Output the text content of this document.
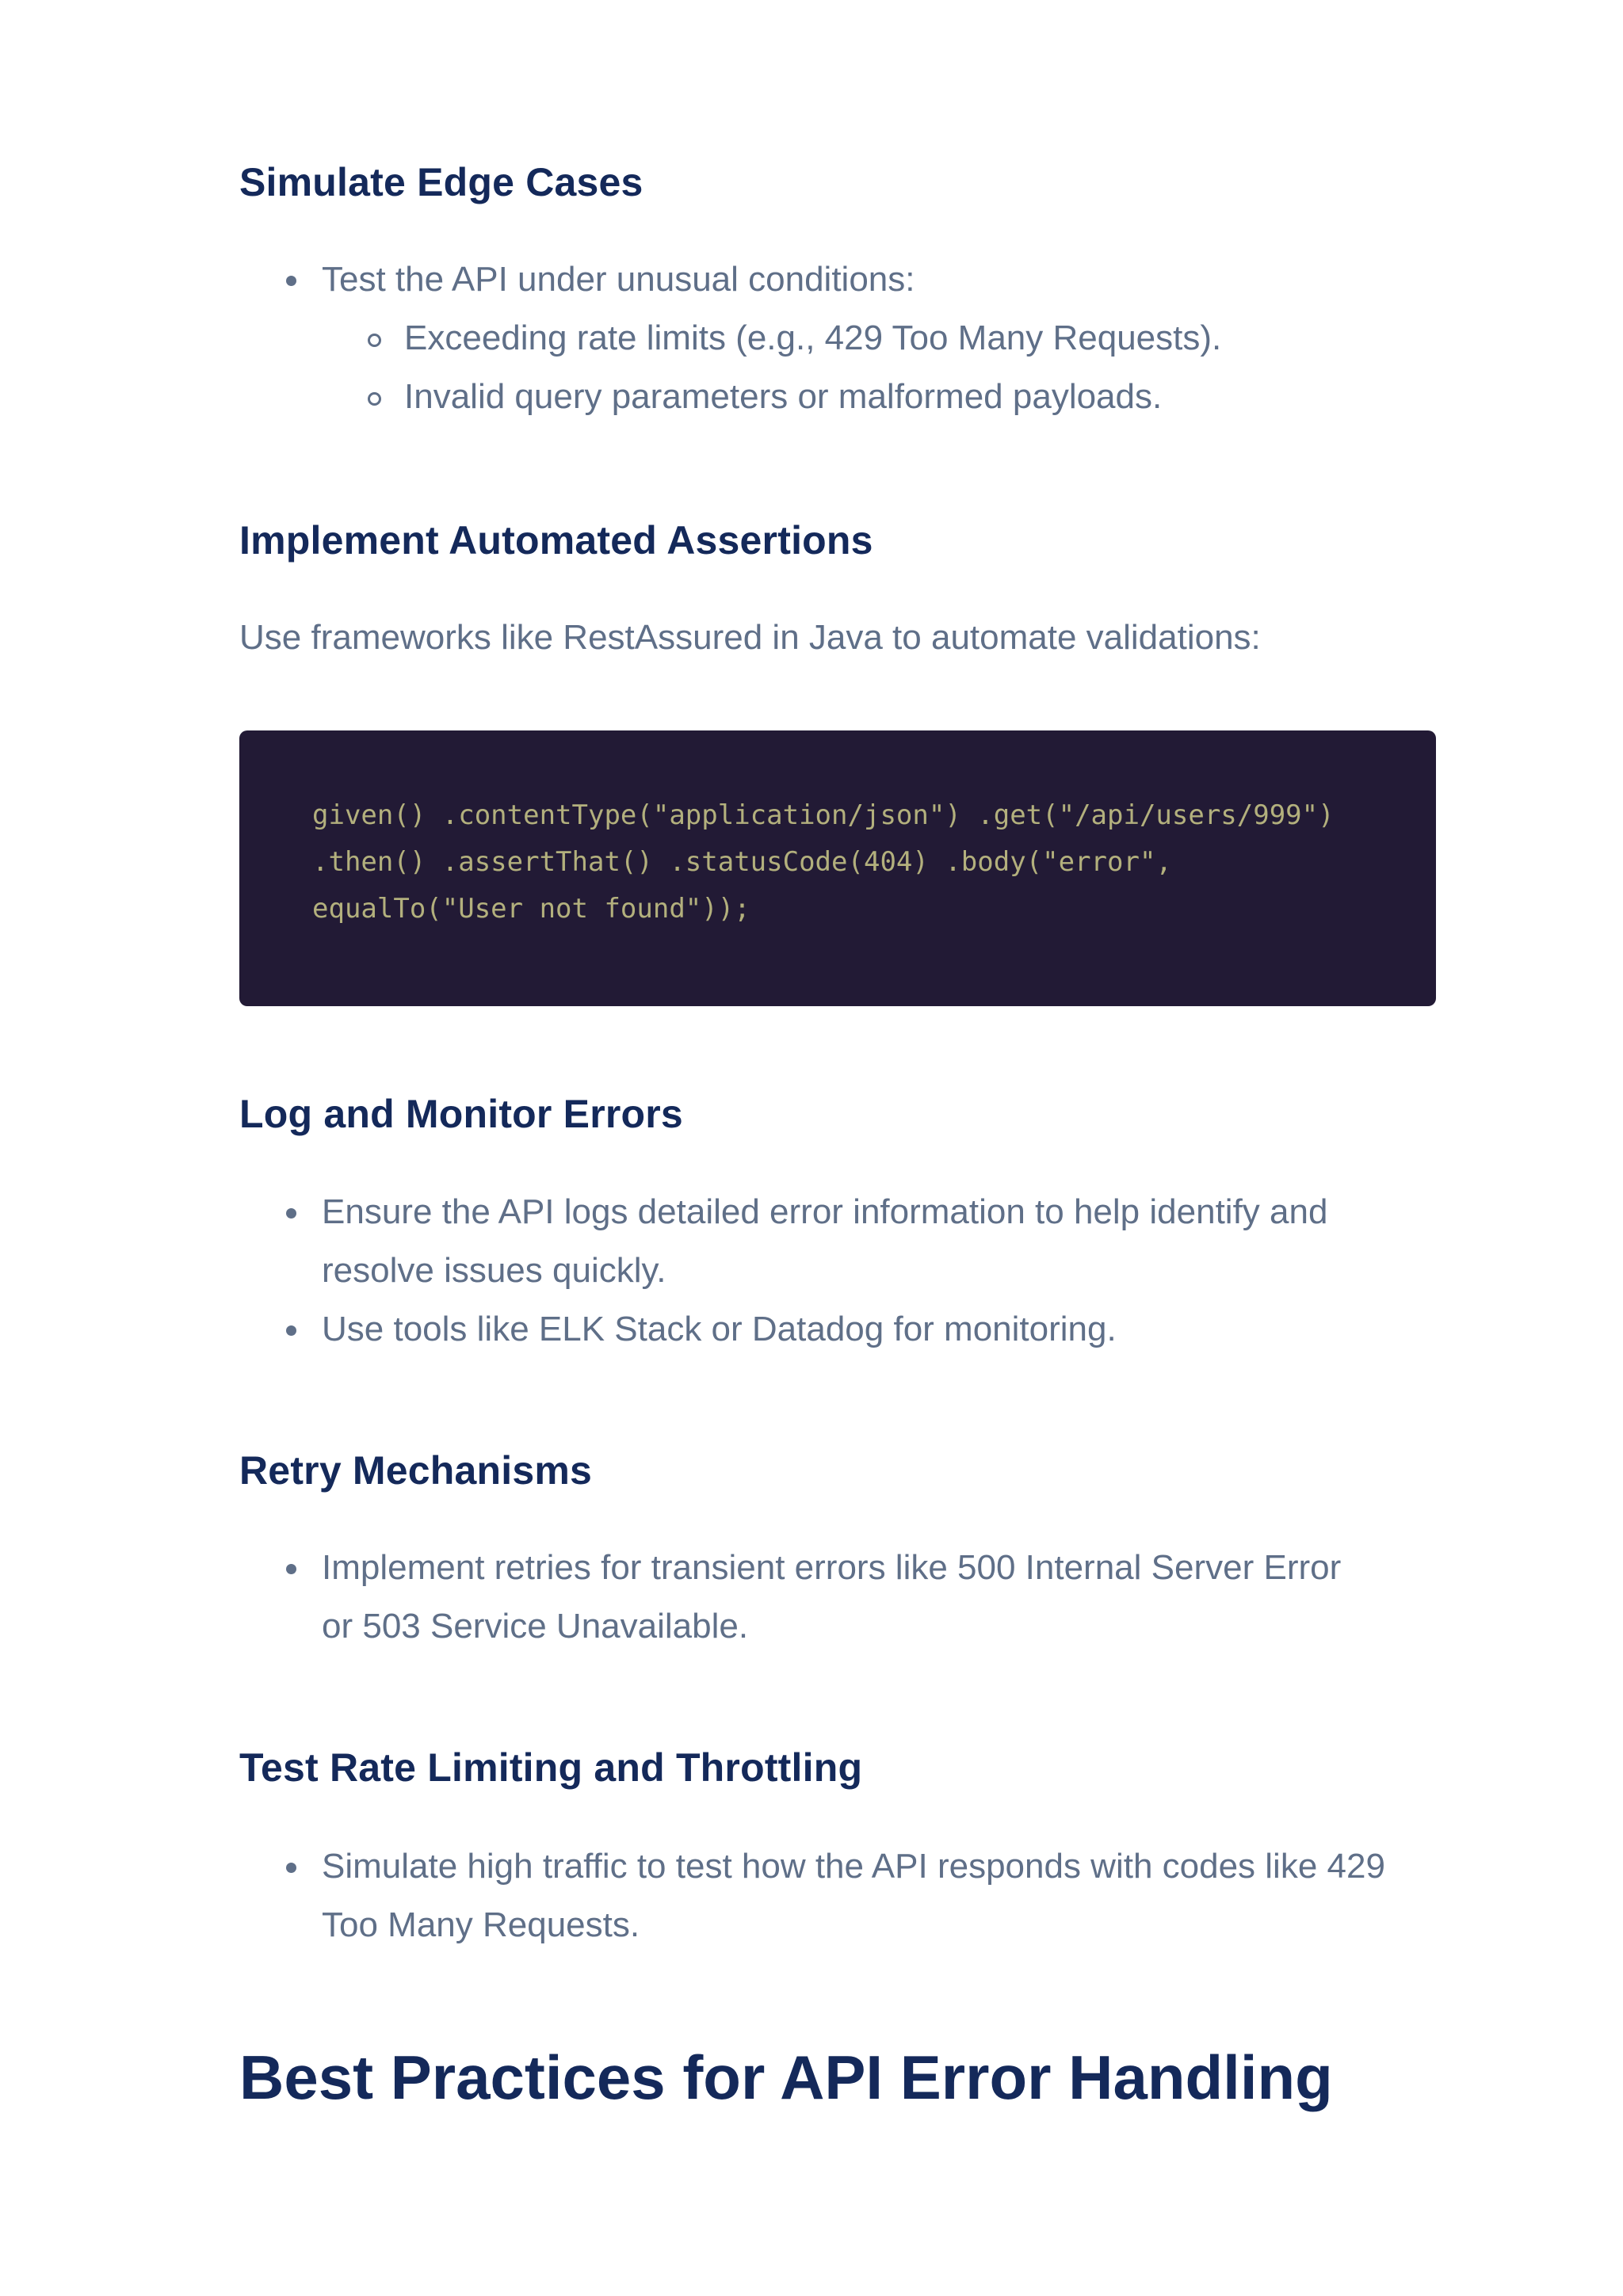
Simulate Edge Cases
Test the API under unusual conditions:
Exceeding rate limits (e.g., 429 Too Many Requests).
Invalid query parameters or malformed payloads.
Implement Automated Assertions

Use frameworks like RestAssured in Java to automate validations:

given() .contentType("application/json") .get("/api/users/999")
.then() .assertThat() .statusCode(404) .body("error",
equalTo("User not found"));
Log and Monitor Errors
Ensure the API logs detailed error information to help identify and resolve issues quickly.
Use tools like ELK Stack or Datadog for monitoring.
Retry Mechanisms
Implement retries for transient errors like 500 Internal Server Error or 503 Service Unavailable.
Test Rate Limiting and Throttling
Simulate high traffic to test how the API responds with codes like 429 Too Many Requests.
Best Practices for API Error Handling
